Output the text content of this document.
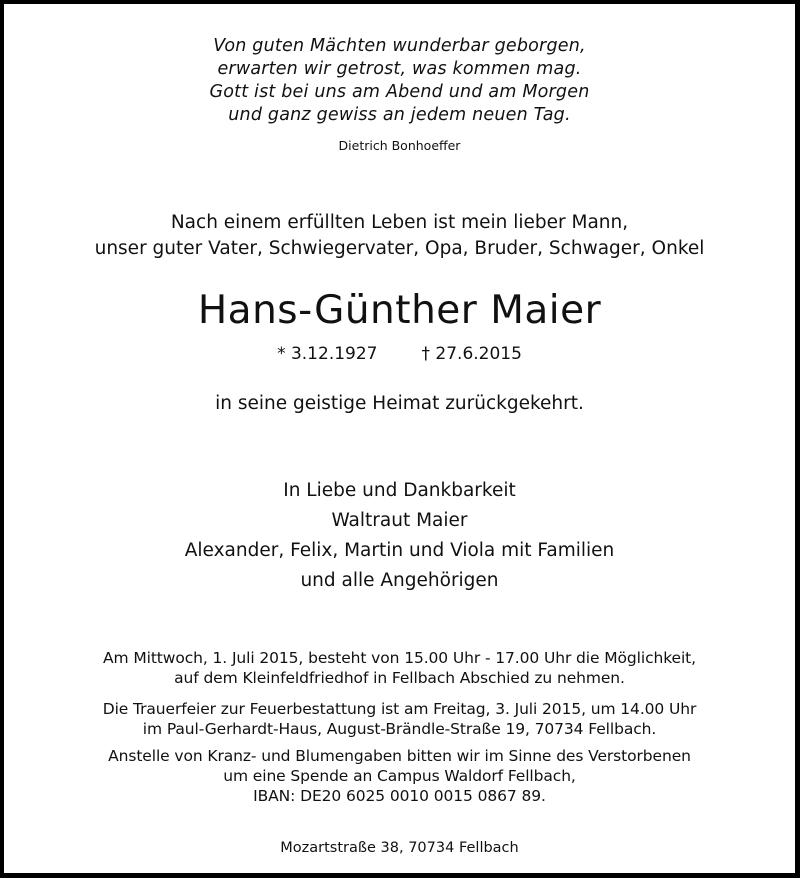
Von guten Mächten wunderbar geborgen,
erwarten wir getrost, was kommen mag.
Gott ist bei uns am Abend und am Morgen
und ganz gewiss an jedem neuen Tag.
Dietrich Bonhoeffer
Nach einem erfüllten Leben ist mein lieber Mann,
unser guter Vater, Schwiegervater, Opa, Bruder, Schwager, Onkel
Hans-Günther Maier
* 3.12.1927	† 27.6.2015
in seine geistige Heimat zurückgekehrt.
In Liebe und Dankbarkeit
Waltraut Maier
Alexander, Felix, Martin und Viola mit Familien
und alle Angehörigen
Am Mittwoch, 1. Juli 2015, besteht von 15.00 Uhr - 17.00 Uhr die Möglichkeit,
auf dem Kleinfeldfriedhof in Fellbach Abschied zu nehmen.
Die Trauerfeier zur Feuerbestattung ist am Freitag, 3. Juli 2015, um 14.00 Uhr
im Paul-Gerhardt-Haus, August-Brändle-Straße 19, 70734 Fellbach.
Anstelle von Kranz- und Blumengaben bitten wir im Sinne des Verstorbenen
um eine Spende an Campus Waldorf Fellbach,
IBAN: DE20 6025 0010 0015 0867 89.
Mozartstraße 38, 70734 Fellbach
